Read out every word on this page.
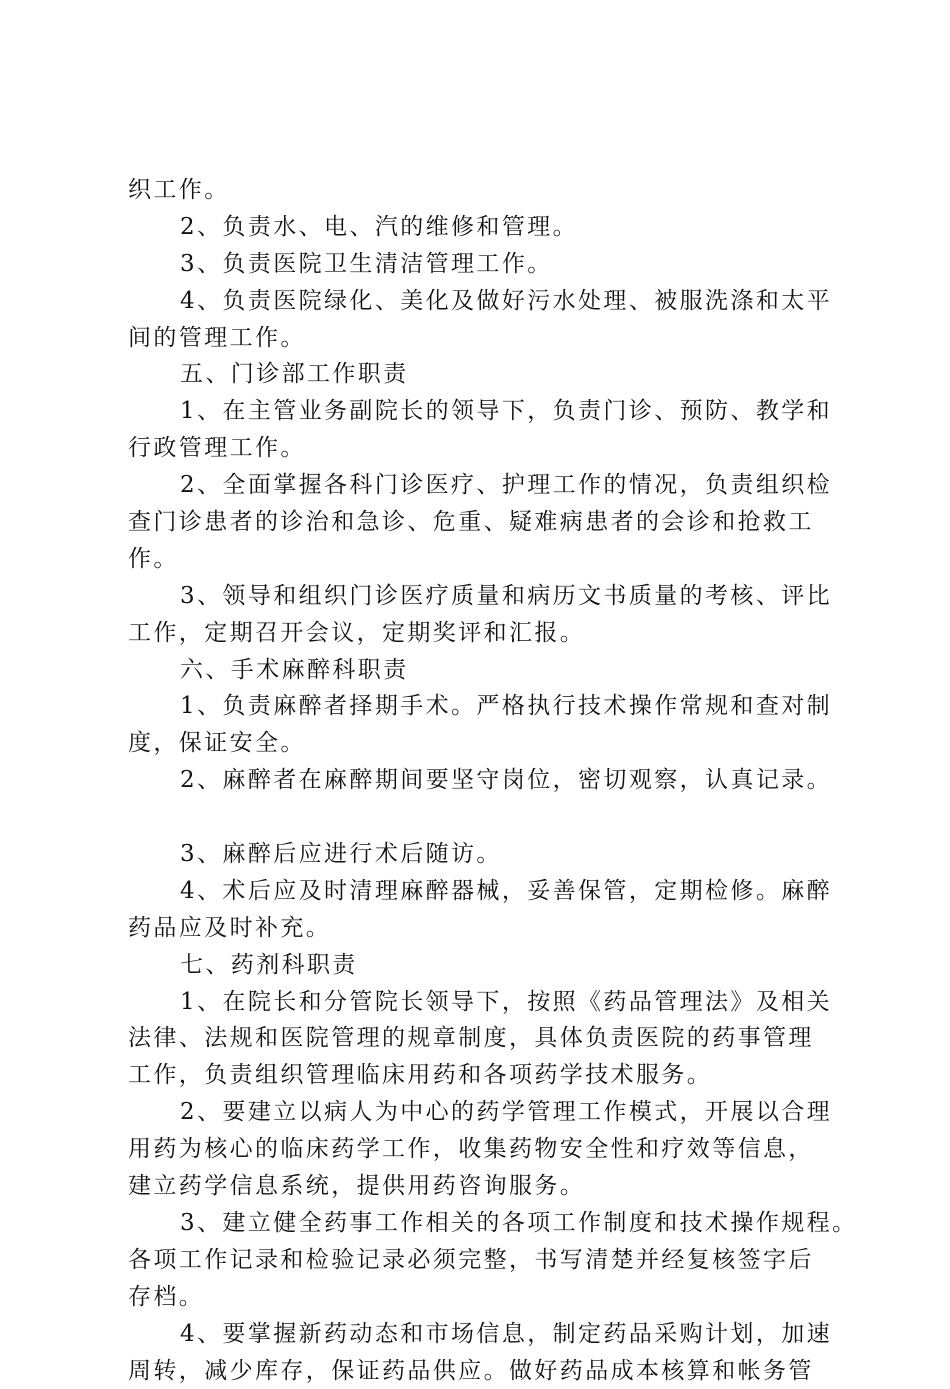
织工作。
2、负责水、电、汽的维修和管理。
3、负责医院卫生清洁管理工作。
4、负责医院绿化、美化及做好污水处理、被服洗涤和太平
间的管理工作。
五、门诊部工作职责
1、在主管业务副院长的领导下，负责门诊、预防、教学和
行政管理工作。
2、全面掌握各科门诊医疗、护理工作的情况，负责组织检
查门诊患者的诊治和急诊、危重、疑难病患者的会诊和抢救工
作。
3、领导和组织门诊医疗质量和病历文书质量的考核、评比
工作，定期召开会议，定期奖评和汇报。
六、手术麻醉科职责
1、负责麻醉者择期手术。严格执行技术操作常规和查对制
度，保证安全。
2、麻醉者在麻醉期间要坚守岗位，密切观察，认真记录。
3、麻醉后应进行术后随访。
4、术后应及时清理麻醉器械，妥善保管，定期检修。麻醉
药品应及时补充。
七、药剂科职责
1、在院长和分管院长领导下，按照《药品管理法》及相关
法律、法规和医院管理的规章制度，具体负责医院的药事管理
工作，负责组织管理临床用药和各项药学技术服务。
2、要建立以病人为中心的药学管理工作模式，开展以合理
用药为核心的临床药学工作，收集药物安全性和疗效等信息，
建立药学信息系统，提供用药咨询服务。
3、建立健全药事工作相关的各项工作制度和技术操作规程。
各项工作记录和检验记录必须完整，书写清楚并经复核签字后
存档。
4、要掌握新药动态和市场信息，制定药品采购计划，加速
周转，减少库存，保证药品供应。做好药品成本核算和帐务管
